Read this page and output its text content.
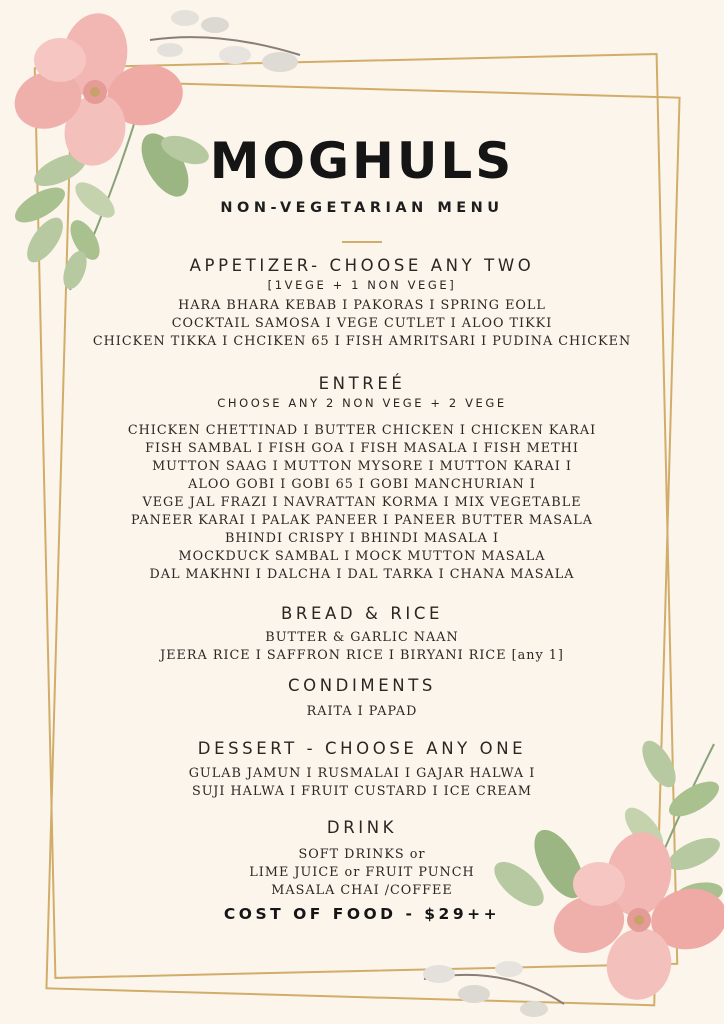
MOGHULS
NON-VEGETARIAN MENU
APPETIZER- CHOOSE ANY TWO
[1VEGE + 1 NON VEGE]
HARA BHARA KEBAB I PAKORAS I SPRING EOLL
COCKTAIL SAMOSA I VEGE CUTLET I ALOO TIKKI
CHICKEN TIKKA I CHCIKEN 65 I FISH AMRITSARI I PUDINA CHICKEN
ENTREÉ
CHOOSE ANY 2 NON VEGE + 2 VEGE
CHICKEN CHETTINAD I BUTTER CHICKEN I CHICKEN KARAI
FISH SAMBAL I FISH GOA I FISH MASALA I FISH METHI
MUTTON SAAG I MUTTON MYSORE I MUTTON KARAI I
ALOO GOBI I GOBI 65 I GOBI MANCHURIAN I
VEGE JAL FRAZI I NAVRATTAN KORMA I MIX VEGETABLE
PANEER KARAI I PALAK PANEER I PANEER BUTTER MASALA
BHINDI CRISPY I BHINDI MASALA I
MOCKDUCK SAMBAL I MOCK MUTTON MASALA
DAL MAKHNI I DALCHA I DAL TARKA I CHANA MASALA
BREAD & RICE
BUTTER & GARLIC NAAN
JEERA RICE I SAFFRON RICE I BIRYANI RICE [any 1]
CONDIMENTS
RAITA I PAPAD
DESSERT - CHOOSE ANY ONE
GULAB JAMUN I RUSMALAI I GAJAR HALWA I
SUJI HALWA I FRUIT CUSTARD I ICE CREAM
DRINK
SOFT DRINKS or
LIME JUICE or FRUIT PUNCH
MASALA CHAI /COFFEE
COST OF FOOD - $29++
